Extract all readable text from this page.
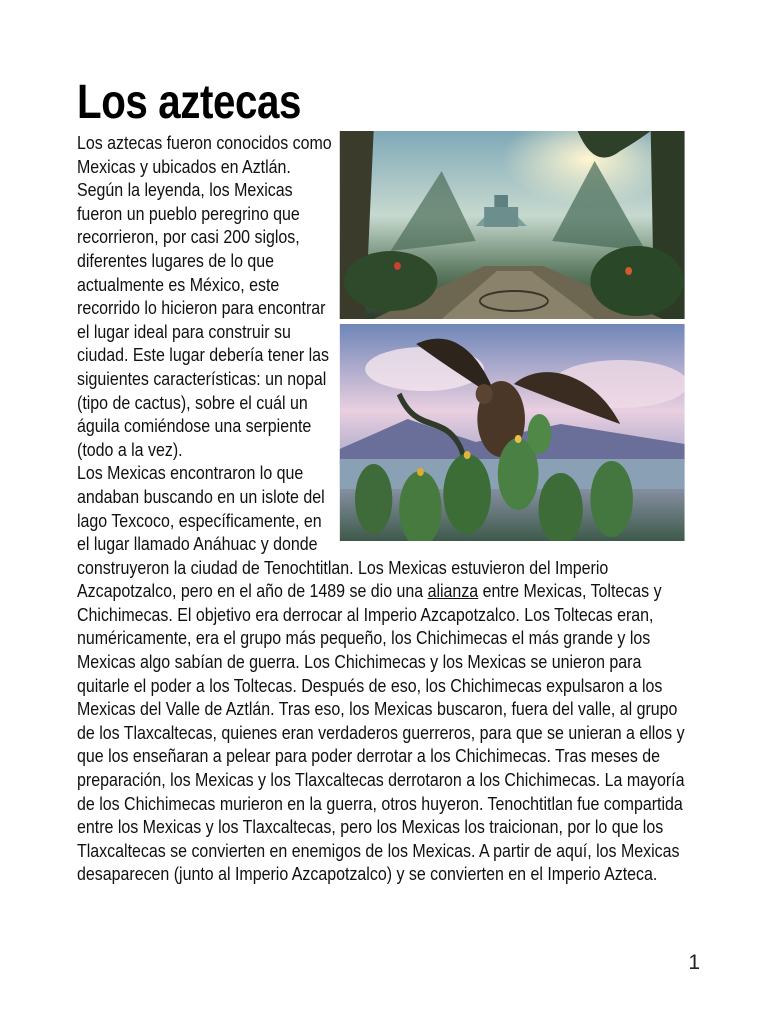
Los aztecas

Los aztecas fueron conocidos como Mexicas y ubicados en Aztlán. Según la leyenda, los Mexicas fueron un pueblo peregrino que recorrieron, por casi 200 siglos, diferentes lugares de lo que actualmente es México, este recorrido lo hicieron para encontrar el lugar ideal para construir su ciudad. Este lugar debería tener las siguientes características: un nopal (tipo de cactus), sobre el cuál un águila comiéndose una serpiente (todo a la vez).
Los Mexicas encontraron lo que andaban buscando en un islote del lago Texcoco, específicamente, en el lugar llamado Anáhuac y donde construyeron la ciudad de Tenochtitlan. Los Mexicas estuvieron del Imperio Azcapotzalco, pero en el año de 1489 se dio una alianza entre Mexicas, Toltecas y Chichimecas. El objetivo era derrocar al Imperio Azcapotzalco. Los Toltecas eran, numéricamente, era el grupo más pequeño, los Chichimecas el más grande y los Mexicas algo sabían de guerra. Los Chichimecas y los Mexicas se unieron para quitarle el poder a los Toltecas. Después de eso, los Chichimecas expulsaron a los Mexicas del Valle de Aztlán. Tras eso, los Mexicas buscaron, fuera del valle, al grupo de los Tlaxcaltecas, quienes eran verdaderos guerreros, para que se unieran a ellos y que los enseñaran a pelear para poder derrotar a los Chichimecas. Tras meses de preparación, los Mexicas y los Tlaxcaltecas derrotaron a los Chichimecas. La mayoría de los Chichimecas murieron en la guerra, otros huyeron. Tenochtitlan fue compartida entre los Mexicas y los Tlaxcaltecas, pero los Mexicas los traicionan, por lo que los Tlaxcaltecas se convierten en enemigos de los Mexicas. A partir de aquí, los Mexicas desaparecen (junto al Imperio Azcapotzalco) y se convierten en el Imperio Azteca.

1
